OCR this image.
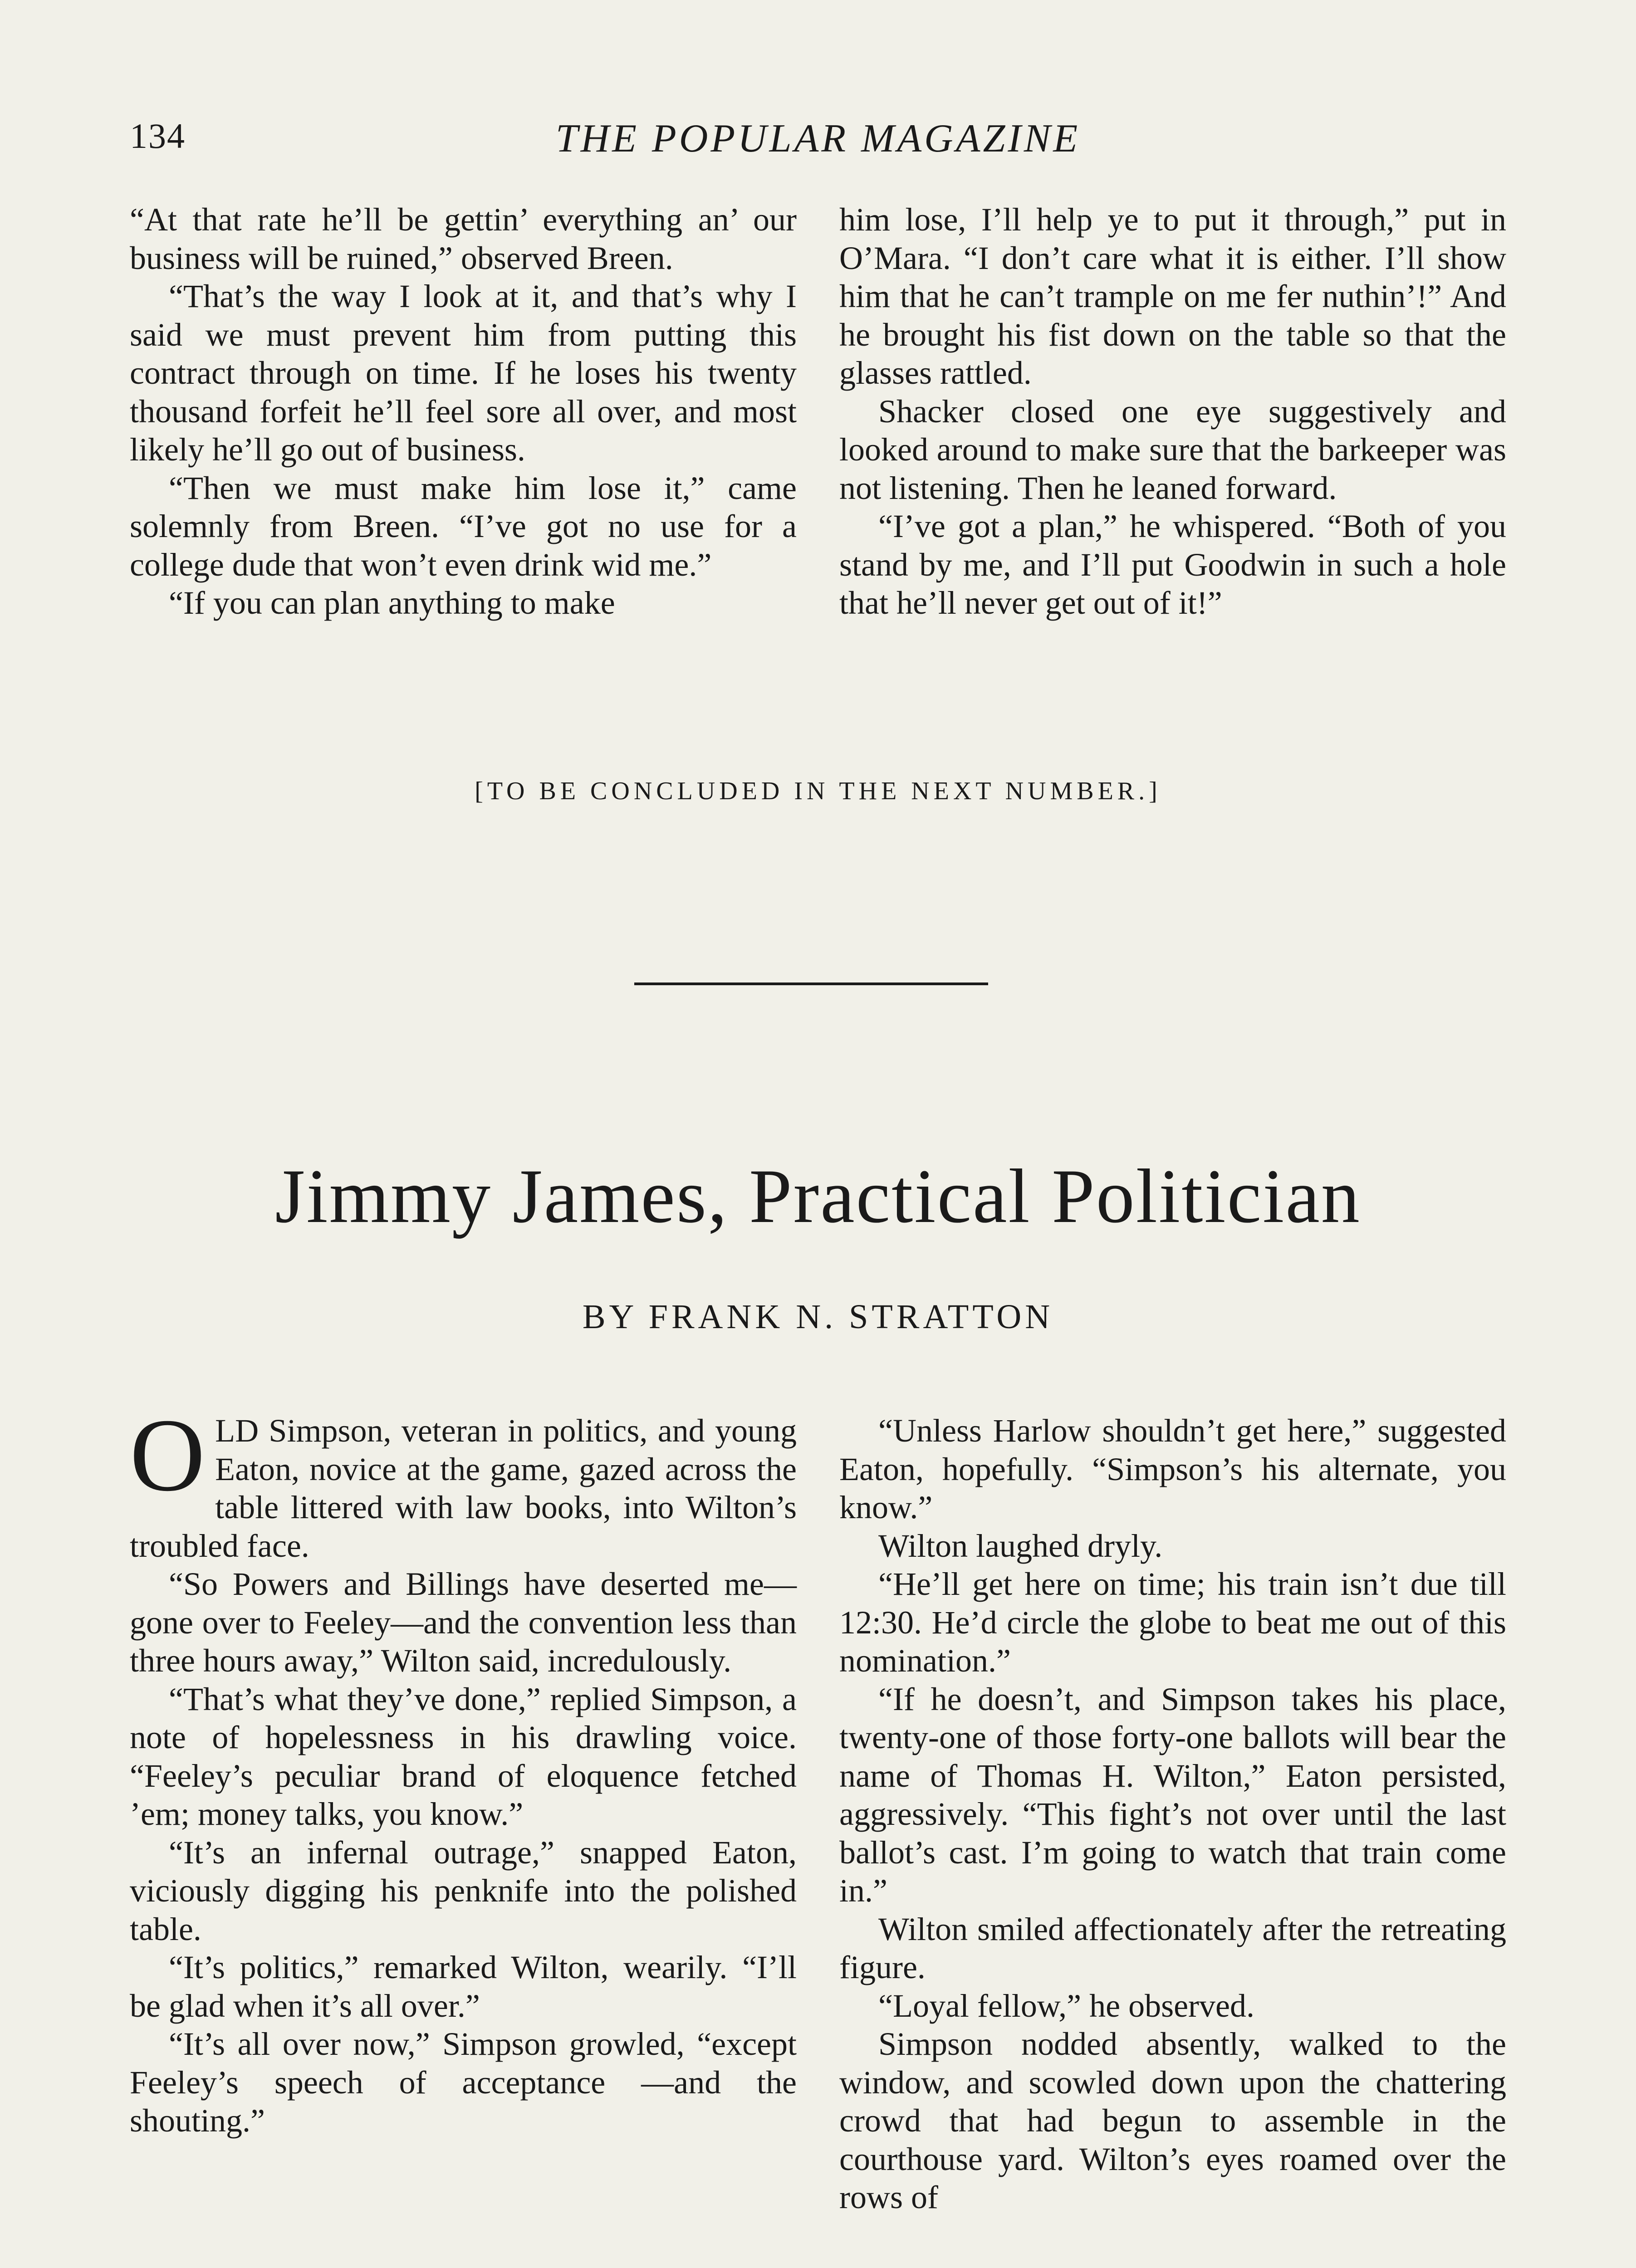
134	THE POPULAR MAGAZINE

“At that rate he’ll be gettin’ everything an’ our business will be ruined,” observed Breen.

“That’s the way I look at it, and that’s why I said we must prevent him from putting this contract through on time. If he loses his twenty thousand forfeit he’ll feel sore all over, and most likely he’ll go out of business.

“Then we must make him lose it,” came solemnly from Breen. “I’ve got no use for a college dude that won’t even drink wid me.”

“If you can plan anything to make

him lose, I’ll help ye to put it through,” put in O’Mara. “I don’t care what it is either. I’ll show him that he can’t trample on me fer nuthin’!” And he brought his fist down on the table so that the glasses rattled.

Shacker closed one eye suggestively and looked around to make sure that the barkeeper was not listening. Then he leaned forward.

“I’ve got a plan,” he whispered. “Both of you stand by me, and I’ll put Goodwin in such a hole that he’ll never get out of it!”

[TO BE CONCLUDED IN THE NEXT NUMBER.]
Jimmy James, Practical Politician
BY FRANK N. STRATTON

OLD Simpson, veteran in politics, and young Eaton, novice at the game, gazed across the table littered with law books, into Wilton’s troubled face.

“So Powers and Billings have deserted me—gone over to Feeley—and the convention less than three hours away,” Wilton said, incredulously.

“That’s what they’ve done,” replied Simpson, a note of hopelessness in his drawling voice. “Feeley’s peculiar brand of eloquence fetched ’em; money talks, you know.”

“It’s an infernal outrage,” snapped Eaton, viciously digging his penknife into the polished table.

“It’s politics,” remarked Wilton, wearily. “I’ll be glad when it’s all over.”

“It’s all over now,” Simpson growled, “except Feeley’s speech of acceptance —and the shouting.”

“Unless Harlow shouldn’t get here,” suggested Eaton, hopefully. “Simpson’s his alternate, you know.”

Wilton laughed dryly.

“He’ll get here on time; his train isn’t due till 12:30. He’d circle the globe to beat me out of this nomination.”

“If he doesn’t, and Simpson takes his place, twenty-one of those forty-one ballots will bear the name of Thomas H. Wilton,” Eaton persisted, aggressively. “This fight’s not over until the last ballot’s cast. I’m going to watch that train come in.”

Wilton smiled affectionately after the retreating figure.

“Loyal fellow,” he observed.

Simpson nodded absently, walked to the window, and scowled down upon the chattering crowd that had begun to assemble in the courthouse yard. Wilton’s eyes roamed over the rows of
